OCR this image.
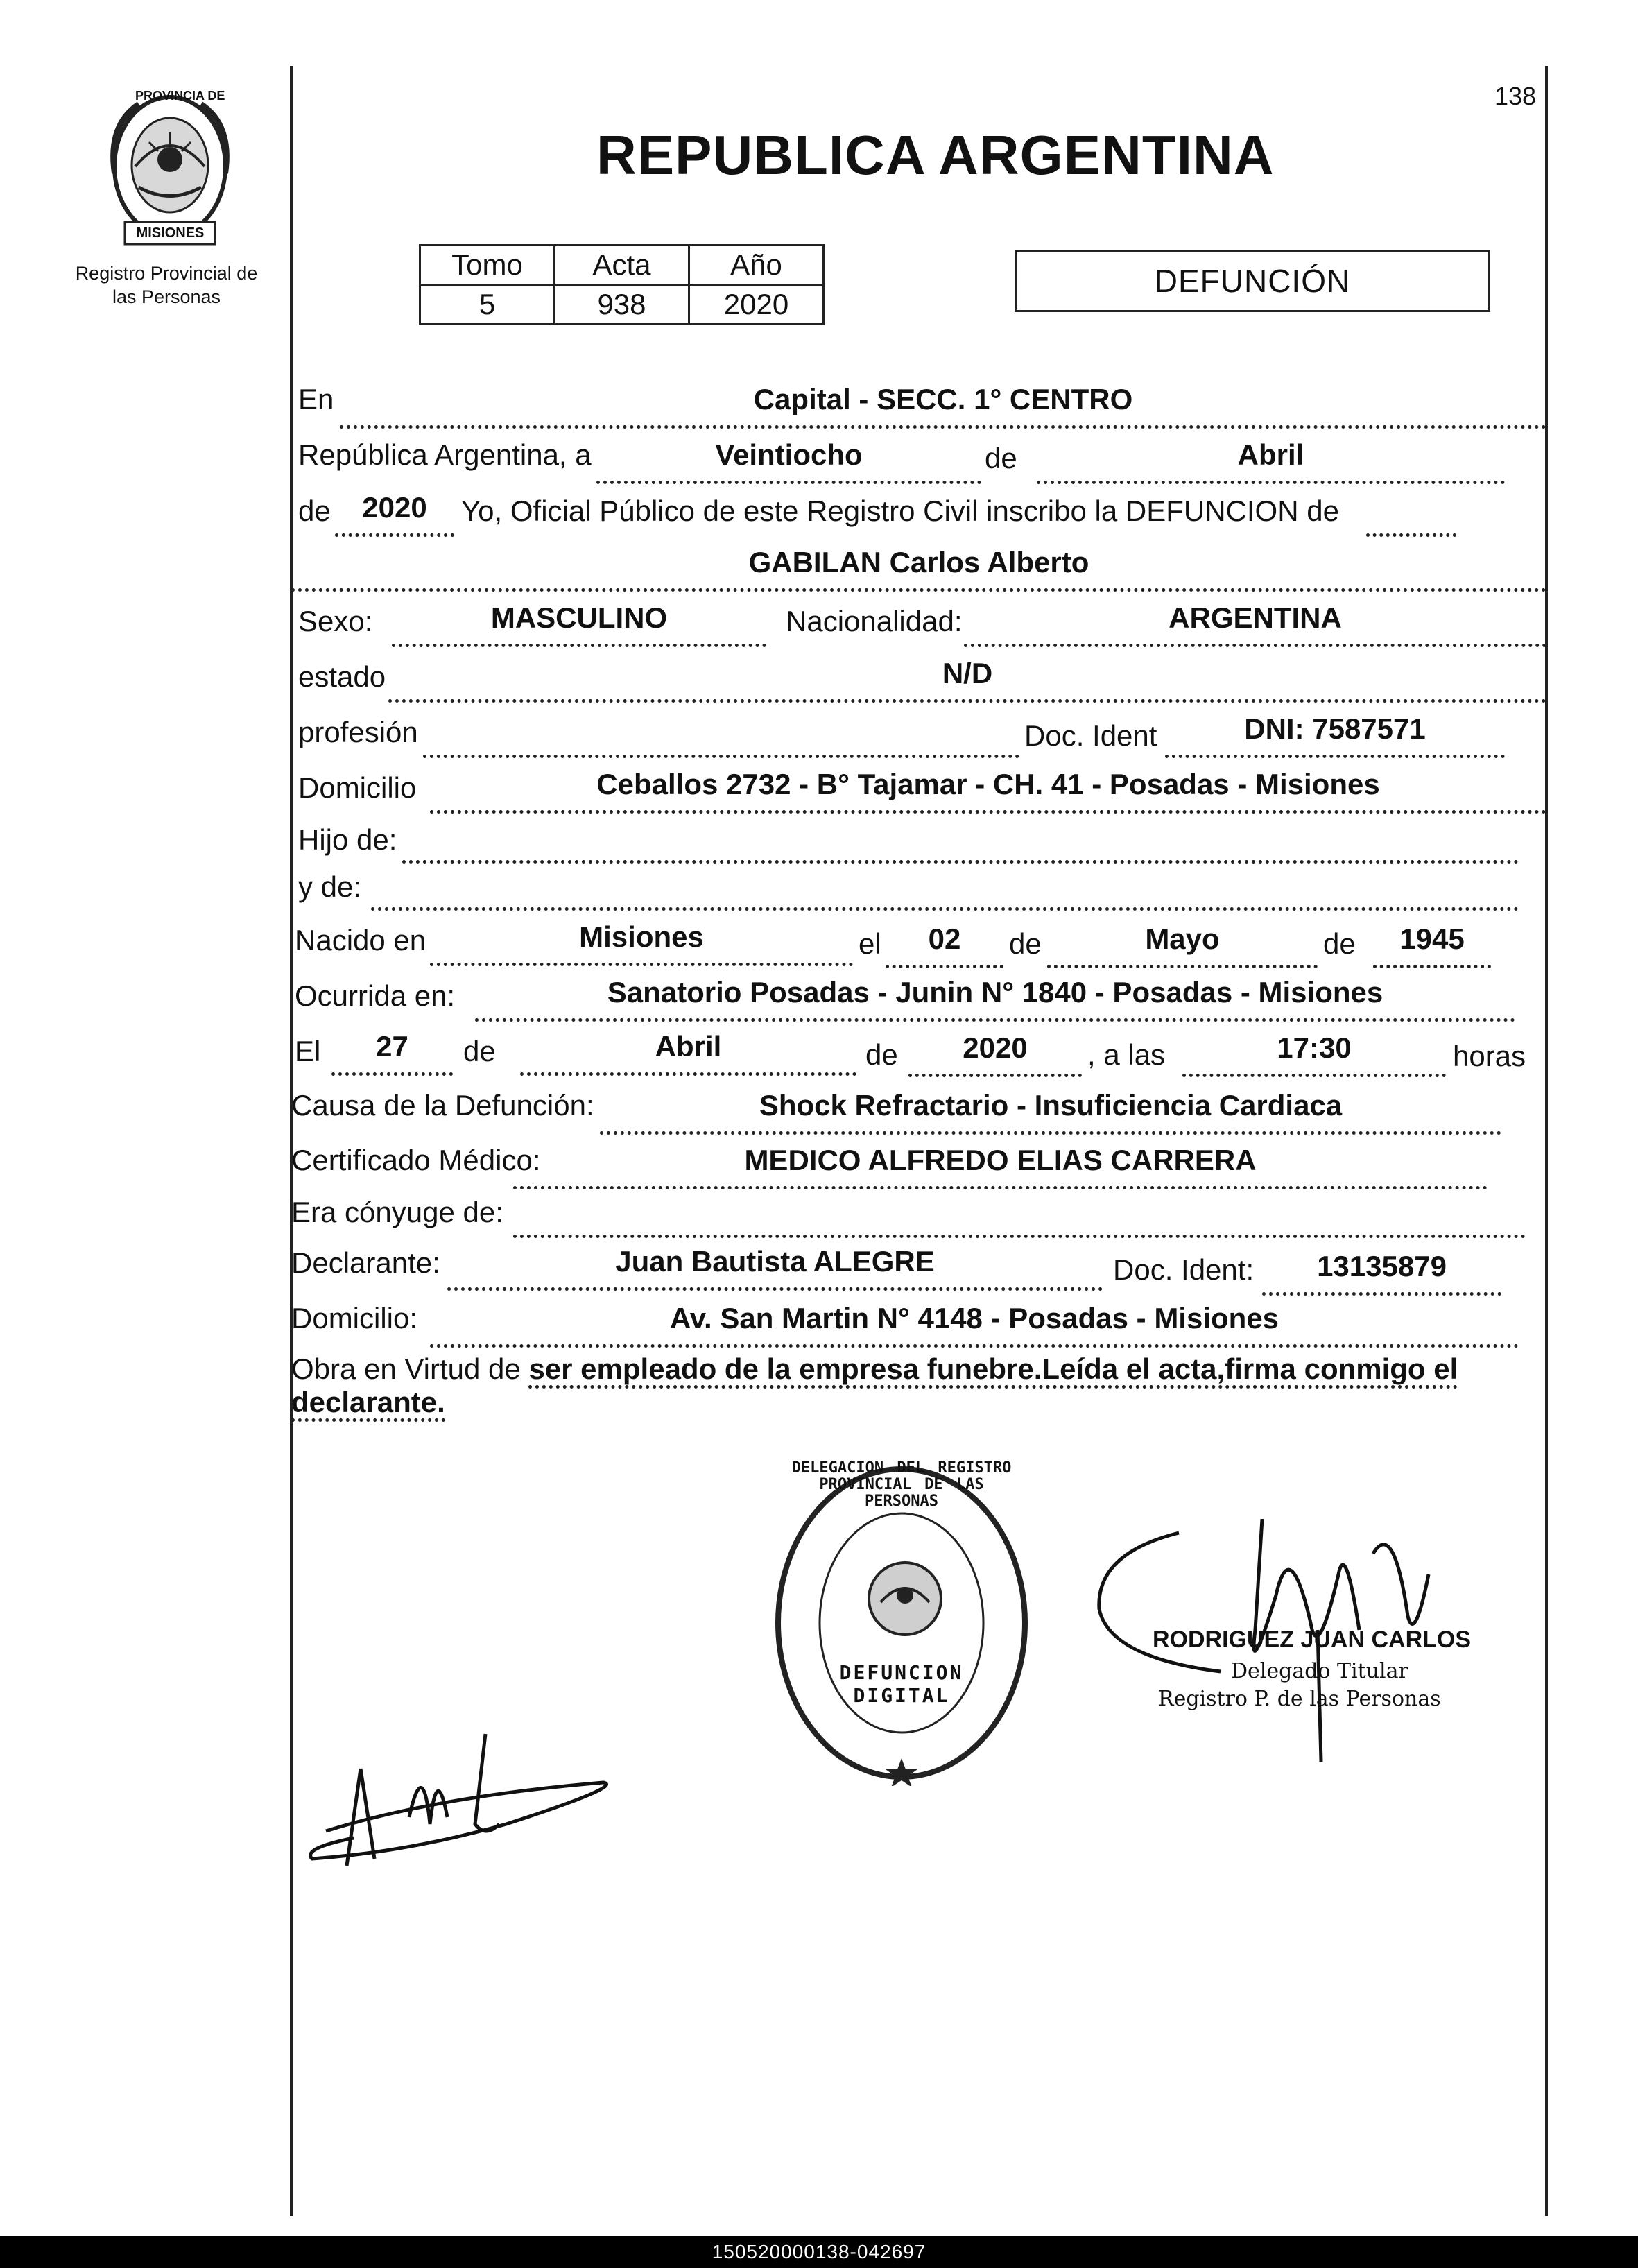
138
PROVINCIA DE
MISIONES
Registro Provincial de
las Personas
REPUBLICA ARGENTINA
Tomo	Acta	Año
5	938	2020
DEFUNCIÓN
En	Capital - SECC. 1° CENTRO
República Argentina, a	Veintiocho	de	Abril
de	2020	Yo, Oficial Público de este Registro Civil inscribo la DEFUNCION de
GABILAN Carlos Alberto
Sexo:	MASCULINO	Nacionalidad:	ARGENTINA
estado	N/D
profesión	Doc. Ident	DNI: 7587571
Domicilio	Ceballos 2732 - B° Tajamar - CH. 41 - Posadas - Misiones
Hijo de:
y de:
Nacido en	Misiones	el	02	de	Mayo	de	1945
Ocurrida en:	Sanatorio Posadas - Junin N° 1840 - Posadas - Misiones
El	27	de	Abril	de	2020	, a las	17:30	horas
Causa de la Defunción:	Shock Refractario - Insuficiencia Cardiaca
Certificado Médico:	MEDICO ALFREDO ELIAS CARRERA
Era cónyuge de:
Declarante:	Juan Bautista ALEGRE	Doc. Ident:	13135879
Domicilio:	Av. San Martin N° 4148 - Posadas - Misiones
Obra en Virtud de ser empleado de la empresa funebre.Leída el acta,firma conmigo el declarante.
DELEGACION DEL REGISTRO PROVINCIAL DE LAS PERSONAS
DEFUNCION DIGITAL
RODRIGUEZ JUAN CARLOS
Delegado Titular
Registro P. de las Personas
150520000138-042697
